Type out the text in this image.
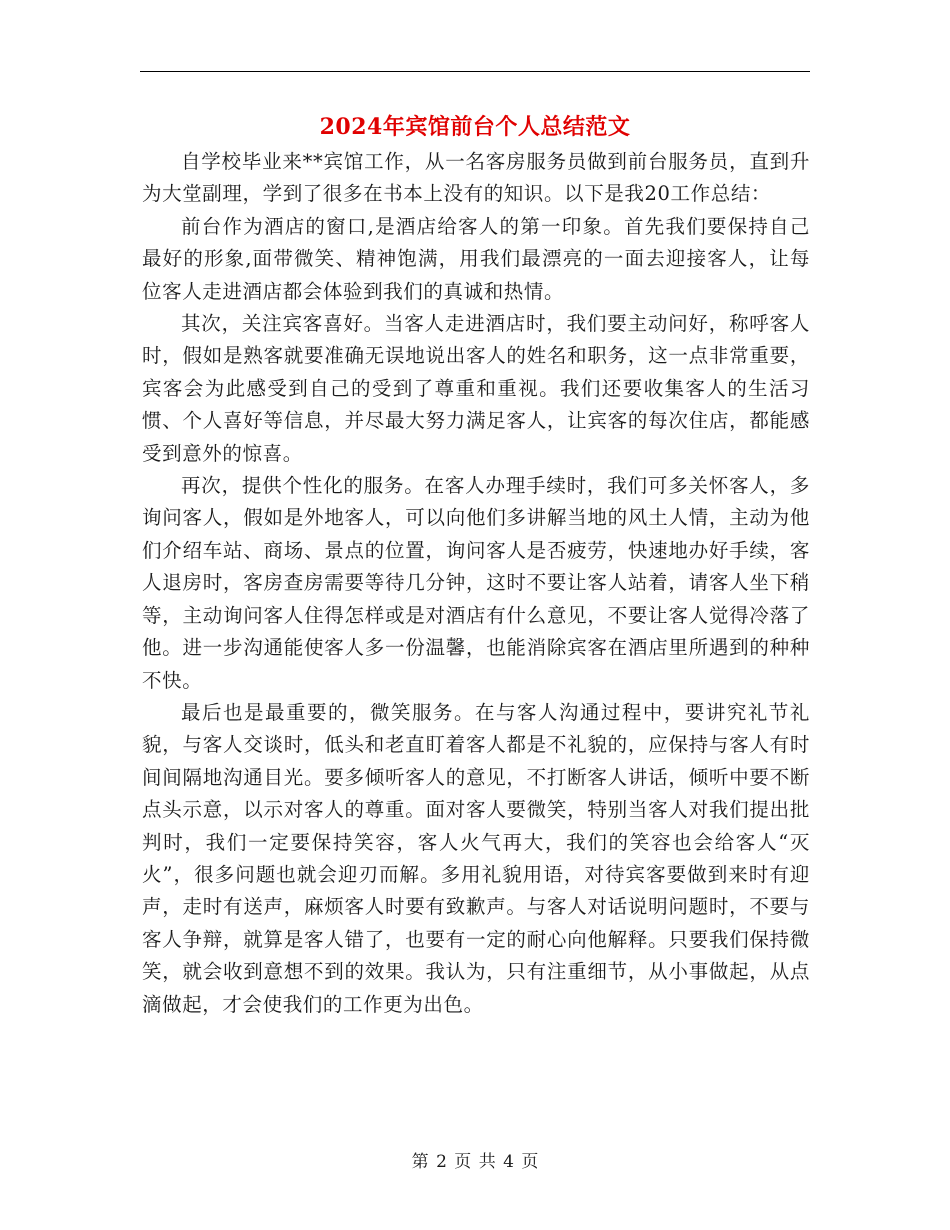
2024年宾馆前台个人总结范文

自学校毕业来**宾馆工作，从一名客房服务员做到前台服务员，直到升为大堂副理，学到了很多在书本上没有的知识。以下是我20工作总结：

前台作为酒店的窗口,是酒店给客人的第一印象。首先我们要保持自己最好的形象,面带微笑、精神饱满，用我们最漂亮的一面去迎接客人，让每位客人走进酒店都会体验到我们的真诚和热情。

其次，关注宾客喜好。当客人走进酒店时，我们要主动问好，称呼客人时，假如是熟客就要准确无误地说出客人的姓名和职务，这一点非常重要，宾客会为此感受到自己的受到了尊重和重视。我们还要收集客人的生活习惯、个人喜好等信息，并尽最大努力满足客人，让宾客的每次住店，都能感受到意外的惊喜。

再次，提供个性化的服务。在客人办理手续时，我们可多关怀客人，多询问客人，假如是外地客人，可以向他们多讲解当地的风土人情，主动为他们介绍车站、商场、景点的位置，询问客人是否疲劳，快速地办好手续，客人退房时，客房查房需要等待几分钟，这时不要让客人站着，请客人坐下稍等，主动询问客人住得怎样或是对酒店有什么意见，不要让客人觉得冷落了他。进一步沟通能使客人多一份温馨，也能消除宾客在酒店里所遇到的种种不快。

最后也是最重要的，微笑服务。在与客人沟通过程中，要讲究礼节礼貌，与客人交谈时，低头和老直盯着客人都是不礼貌的，应保持与客人有时间间隔地沟通目光。要多倾听客人的意见，不打断客人讲话，倾听中要不断点头示意，以示对客人的尊重。面对客人要微笑，特别当客人对我们提出批判时，我们一定要保持笑容，客人火气再大，我们的笑容也会给客人“灭火”，很多问题也就会迎刃而解。多用礼貌用语，对待宾客要做到来时有迎声，走时有送声，麻烦客人时要有致歉声。与客人对话说明问题时，不要与客人争辩，就算是客人错了，也要有一定的耐心向他解释。只要我们保持微笑，就会收到意想不到的效果。我认为，只有注重细节，从小事做起，从点滴做起，才会使我们的工作更为出色。

第 2 页 共 4 页
